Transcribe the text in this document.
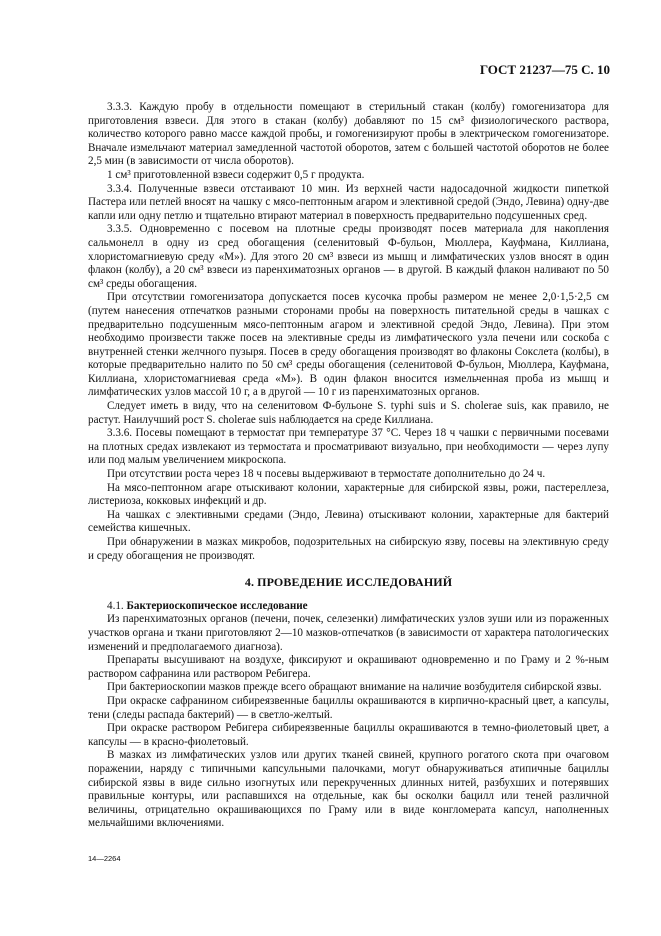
ГОСТ 21237—75 С. 10

3.3.3. Каждую пробу в отдельности помещают в стерильный стакан (колбу) гомогенизатора для приготовления взвеси. Для этого в стакан (колбу) добавляют по 15 см³ физиологического раствора, количество которого равно массе каждой пробы, и гомогенизируют пробы в электрическом гомогенизаторе. Вначале измельчают материал замедленной частотой оборотов, затем с большей частотой оборотов не более 2,5 мин (в зависимости от числа оборотов).

1 см³ приготовленной взвеси содержит 0,5 г продукта.

3.3.4. Полученные взвеси отстаивают 10 мин. Из верхней части надосадочной жидкости пипеткой Пастера или петлей вносят на чашку с мясо-пептонным агаром и элективной средой (Эндо, Левина) одну-две капли или одну петлю и тщательно втирают материал в поверхность предварительно подсушенных сред.

3.3.5. Одновременно с посевом на плотные среды производят посев материала для накопления сальмонелл в одну из сред обогащения (селенитовый Ф-бульон, Мюллера, Кауфмана, Киллиана, хлористомагниевую среду «М»). Для этого 20 см³ взвеси из мышц и лимфатических узлов вносят в один флакон (колбу), а 20 см³ взвеси из паренхиматозных органов — в другой. В каждый флакон наливают по 50 см³ среды обогащения.

При отсутствии гомогенизатора допускается посев кусочка пробы размером не менее 2,0·1,5·2,5 см (путем нанесения отпечатков разными сторонами пробы на поверхность питательной среды в чашках с предварительно подсушенным мясо-пептонным агаром и элективной средой Эндо, Левина). При этом необходимо произвести также посев на элективные среды из лимфатического узла печени или соскоба с внутренней стенки желчного пузыря. Посев в среду обогащения производят во флаконы Сокслета (колбы), в которые предварительно налито по 50 см³ среды обогащения (селенитовой Ф-бульон, Мюллера, Кауфмана, Киллиана, хлористомагниевая среда «М»). В один флакон вносится измельченная проба из мышц и лимфатических узлов массой 10 г, а в другой — 10 г из паренхиматозных органов.

Следует иметь в виду, что на селенитовом Ф-бульоне S. typhi suis и S. cholerae suis, как правило, не растут. Наилучший рост S. cholerae suis наблюдается на среде Киллиана.

3.3.6. Посевы помещают в термостат при температуре 37 °С. Через 18 ч чашки с первичными посевами на плотных средах извлекают из термостата и просматривают визуально, при необходимости — через лупу или под малым увеличением микроскопа.

При отсутствии роста через 18 ч посевы выдерживают в термостате дополнительно до 24 ч.

На мясо-пептонном агаре отыскивают колонии, характерные для сибирской язвы, рожи, пастереллеза, листериоза, кокковых инфекций и др.

На чашках с элективными средами (Эндо, Левина) отыскивают колонии, характерные для бактерий семейства кишечных.

При обнаружении в мазках микробов, подозрительных на сибирскую язву, посевы на элективную среду и среду обогащения не производят.

4. ПРОВЕДЕНИЕ ИССЛЕДОВАНИЙ

4.1. Бактериоскопическое исследование

Из паренхиматозных органов (печени, почек, селезенки) лимфатических узлов зуши или из пораженных участков органа и ткани приготовляют 2—10 мазков-отпечатков (в зависимости от характера патологических изменений и предполагаемого диагноза).

Препараты высушивают на воздухе, фиксируют и окрашивают одновременно и по Граму и 2 %-ным раствором сафранина или раствором Ребигера.

При бактериоскопии мазков прежде всего обращают внимание на наличие возбудителя сибирской язвы.

При окраске сафранином сибиреязвенные бациллы окрашиваются в кирпично-красный цвет, а капсулы, тени (следы распада бактерий) — в светло-желтый.

При окраске раствором Ребигера сибиреязвенные бациллы окрашиваются в темно-фиолетовый цвет, а капсулы — в красно-фиолетовый.

В мазках из лимфатических узлов или других тканей свиней, крупного рогатого скота при очаговом поражении, наряду с типичными капсульными палочками, могут обнаруживаться атипичные бациллы сибирской язвы в виде сильно изогнутых или перекрученных длинных нитей, разбухших и потерявших правильные контуры, или распавшихся на отдельные, как бы осколки бацилл или теней различной величины, отрицательно окрашивающихся по Граму или в виде конгломерата капсул, наполненных мельчайшими включениями.

14—2264
